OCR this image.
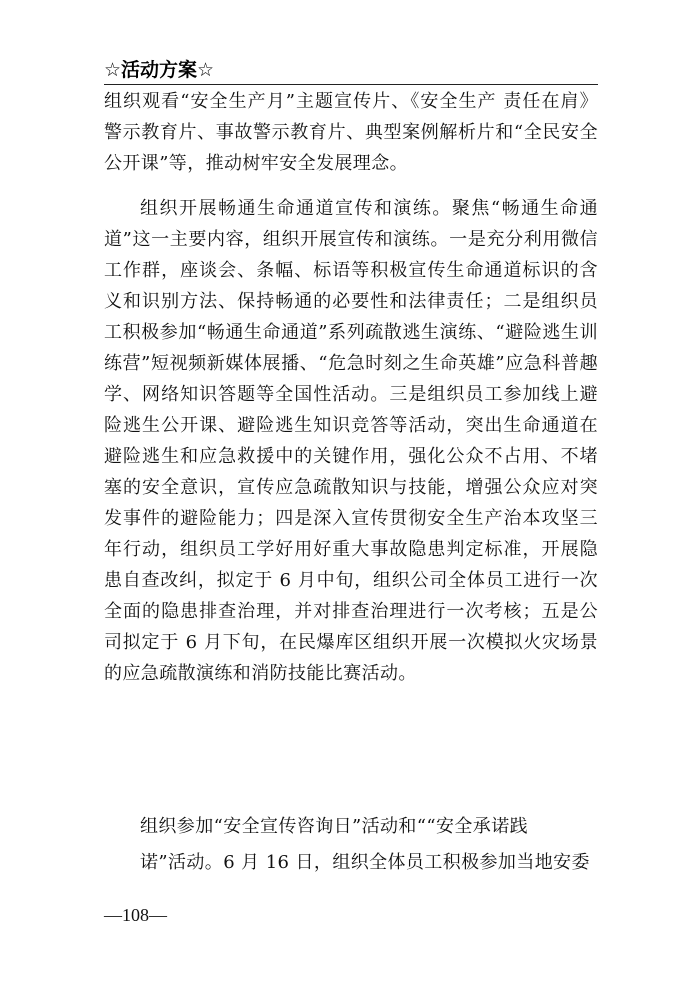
☆活动方案☆

组织观看“安全生产月”主题宣传片、《安全生产 责任在肩》警示教育片、事故警示教育片、典型案例解析片和“全民安全公开课”等，推动树牢安全发展理念。

组织开展畅通生命通道宣传和演练。聚焦“畅通生命通道”这一主要内容，组织开展宣传和演练。一是充分利用微信工作群，座谈会、条幅、标语等积极宣传生命通道标识的含义和识别方法、保持畅通的必要性和法律责任；二是组织员工积极参加“畅通生命通道”系列疏散逃生演练、“避险逃生训练营”短视频新媒体展播、“危急时刻之生命英雄”应急科普趣学、网络知识答题等全国性活动。三是组织员工参加线上避险逃生公开课、避险逃生知识竞答等活动，突出生命通道在避险逃生和应急救援中的关键作用，强化公众不占用、不堵塞的安全意识，宣传应急疏散知识与技能，增强公众应对突发事件的避险能力；四是深入宣传贯彻安全生产治本攻坚三年行动，组织员工学好用好重大事故隐患判定标准，开展隐患自查改纠，拟定于 6 月中旬，组织公司全体员工进行一次全面的隐患排查治理，并对排查治理进行一次考核；五是公司拟定于 6 月下旬，在民爆库区组织开展一次模拟火灾场景的应急疏散演练和消防技能比赛活动。

组织参加“安全宣传咨询日”活动和““安全承诺践
诺”活动。6 月 16 日，组织全体员工积极参加当地安委
—108—
